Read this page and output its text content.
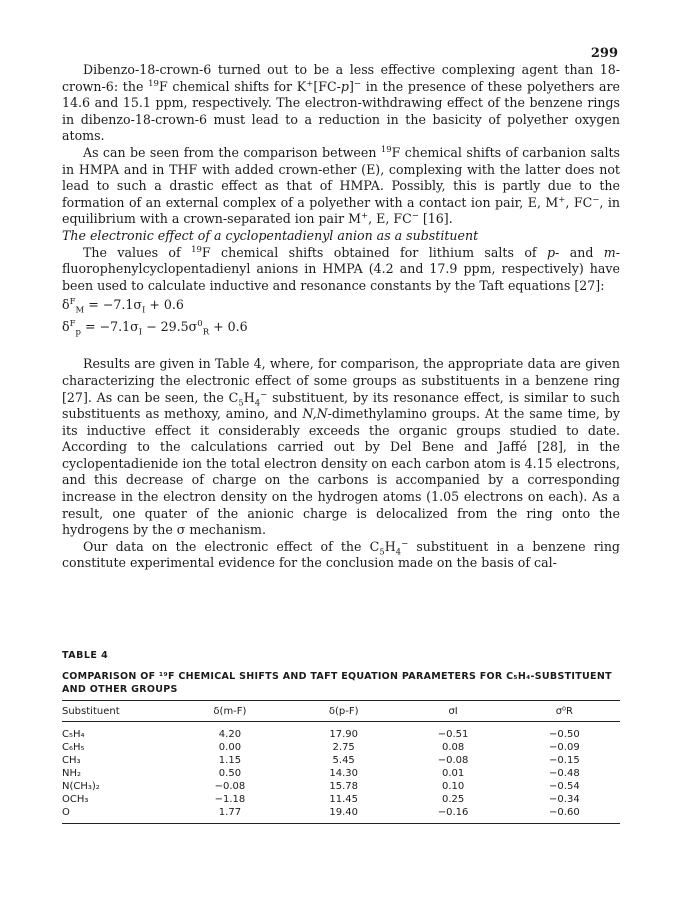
299

Dibenzo-18-crown-6 turned out to be a less effective complexing agent than 18-crown-6: the $^{19}$F chemical shifts for K+[FC-p]− in the presence of these polyethers are 14.6 and 15.1 ppm, respectively. The electron-withdrawing effect of the benzene rings in dibenzo-18-crown-6 must lead to a reduction in the basicity of polyether oxygen atoms.

As can be seen from the comparison between $^{19}$F chemical shifts of carbanion salts in HMPA and in THF with added crown-ether (E), complexing with the latter does not lead to such a drastic effect as that of HMPA. Possibly, this is partly due to the formation of an external complex of a polyether with a contact ion pair, E, M+, FC−, in equilibrium with a crown-separated ion pair M+, E, FC− [16].

The electronic effect of a cyclopentadienyl anion as a substituent

The values of $^{19}$F chemical shifts obtained for lithium salts of p- and m-fluorophenylcyclopentadienyl anions in HMPA (4.2 and 17.9 ppm, respectively) have been used to calculate inductive and resonance constants by the Taft equations [27]:

$\delta^F_M = -7.1\sigma_I + 0.6$

$\delta^F_p = -7.1\sigma_I - 29.5\sigma^0_R + 0.6$

Results are given in Table 4, where, for comparison, the appropriate data are given characterizing the electronic effect of some groups as substituents in a benzene ring [27]. As can be seen, the $C_5H_4^-$ substituent, by its resonance effect, is similar to such substituents as methoxy, amino, and N,N-dimethylamino groups. At the same time, by its inductive effect it considerably exceeds the organic groups studied to date. According to the calculations carried out by Del Bene and Jaffé [28], in the cyclopentadienide ion the total electron density on each carbon atom is 4.15 electrons, and this decrease of charge on the carbons is accompanied by a corresponding increase in the electron density on the hydrogen atoms (1.05 electrons on each). As a result, one quater of the anionic charge is delocalized from the ring onto the hydrogens by the σ mechanism.

Our data on the electronic effect of the $C_5H_4^-$ substituent in a benzene ring constitute experimental evidence for the conclusion made on the basis of cal-

TABLE 4
COMPARISON OF ¹⁹F CHEMICAL SHIFTS AND TAFT EQUATION PARAMETERS FOR C₅H₄-SUBSTITUENT AND OTHER GROUPS
Substituent	δ(m-F)	δ(p-F)	σI	σ⁰R
C₅H₄	4.20	17.90	−0.51	−0.50
C₆H₅	0.00	2.75	0.08	−0.09
CH₃	1.15	5.45	−0.08	−0.15
NH₂	0.50	14.30	0.01	−0.48
N(CH₃)₂	−0.08	15.78	0.10	−0.54
OCH₃	−1.18	11.45	0.25	−0.34
O	1.77	19.40	−0.16	−0.60
